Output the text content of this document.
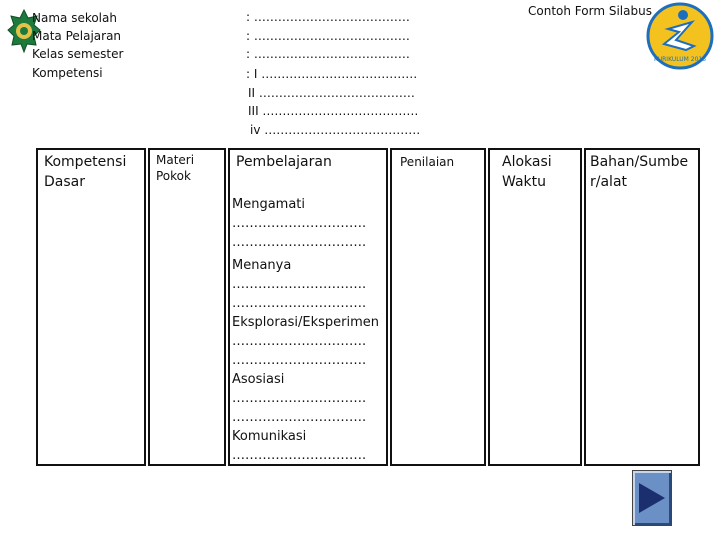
Nama sekolah
Mata Pelajaran
Kelas semester
Kompetensi
: …………………………………
: …………………………………
: …………………………………
: I …………………………………
II …………………………………
III …………………………………
iv …………………………………
Contoh Form Silabus
KURIKULUM 2013
Kompetensi
Dasar
Materi
Pokok
Pembelajaran	Penilaian	Alokasi
Waktu
Bahan/Sumbe
r/alat
Mengamati
………………………….
………………………….
Menanya
………………………….
………………………….
Eksplorasi/Eksperimen
………………………….
………………………….
Asosiasi
………………………….
………………………….
Komunikasi
………………………….
